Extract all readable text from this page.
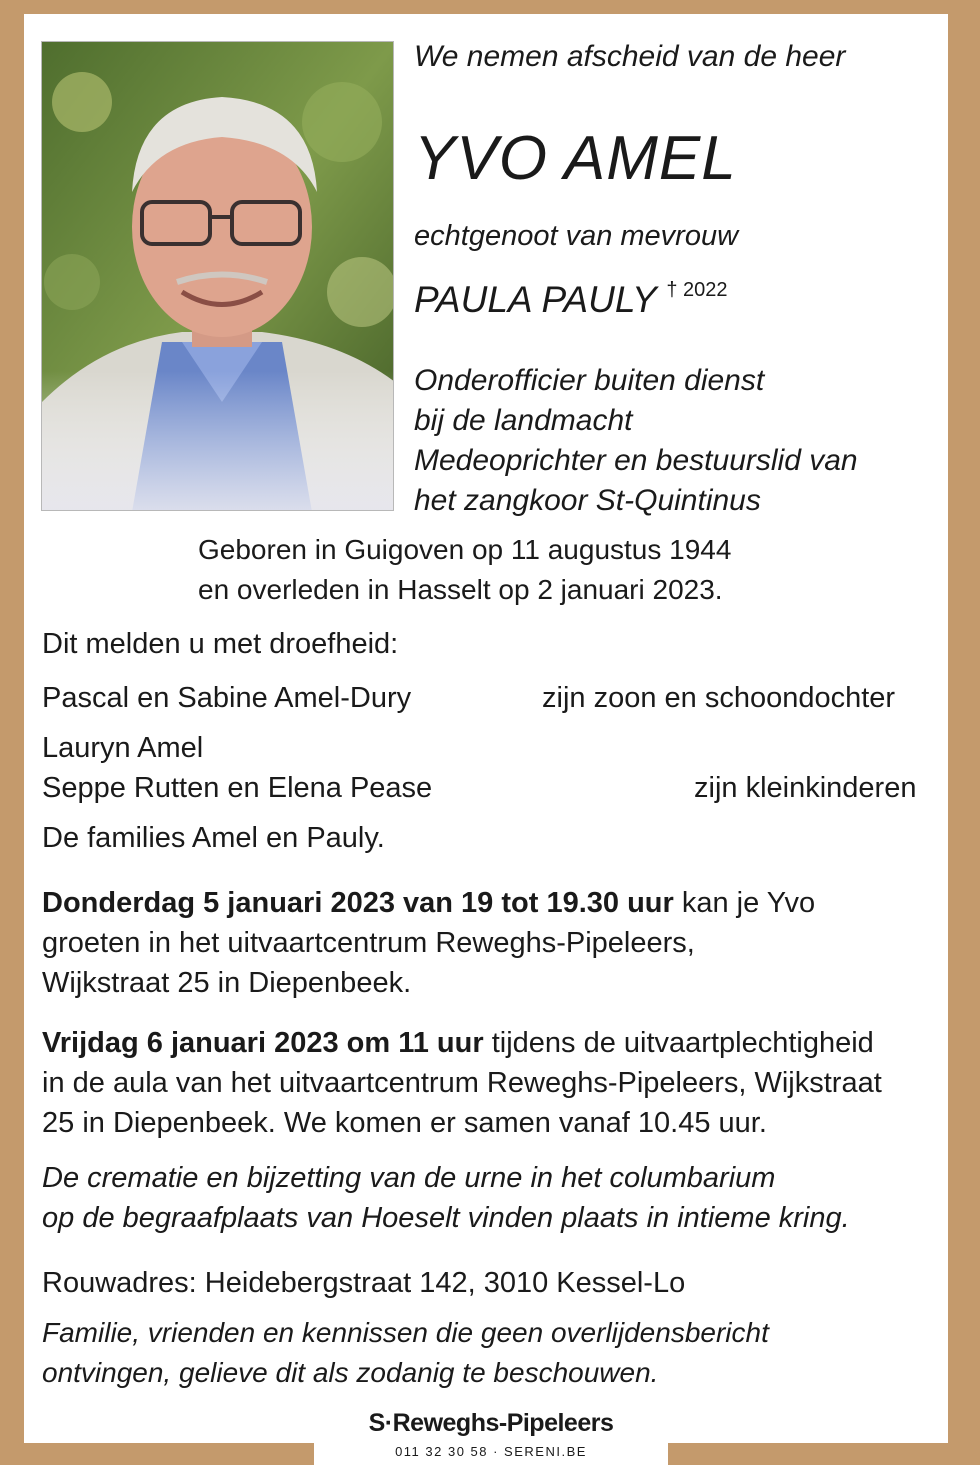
We nemen afscheid van de heer
YVO AMEL
echtgenoot van mevrouw
PAULA PAULY $^{\dagger 2022}$
Onderofficier buiten dienst
bij de landmacht
Medeoprichter en bestuurslid van
het zangkoor St-Quintinus
Geboren in Guigoven op 11 augustus 1944
en overleden in Hasselt op 2 januari 2023.
Dit melden u met droefheid:
Pascal en Sabine Amel-Dury	zijn zoon en schoondochter
Lauryn Amel
Seppe Rutten en Elena Pease	zijn kleinkinderen
De families Amel en Pauly.
Donderdag 5 januari 2023 van 19 tot 19.30 uur kan je Yvo
groeten in het uitvaartcentrum Reweghs-Pipeleers,
Wijkstraat 25 in Diepenbeek.
Vrijdag 6 januari 2023 om 11 uur tijdens de uitvaartplechtigheid
in de aula van het uitvaartcentrum Reweghs-Pipeleers, Wijkstraat
25 in Diepenbeek. We komen er samen vanaf 10.45 uur.
De crematie en bijzetting van de urne in het columbarium
op de begraafplaats van Hoeselt vinden plaats in intieme kring.
Rouwadres: Heidebergstraat 142, 3010 Kessel-Lo
Familie, vrienden en kennissen die geen overlijdensbericht
ontvingen, gelieve dit als zodanig te beschouwen.
S·Reweghs-Pipeleers
011 32 30 58 · SERENI.BE
